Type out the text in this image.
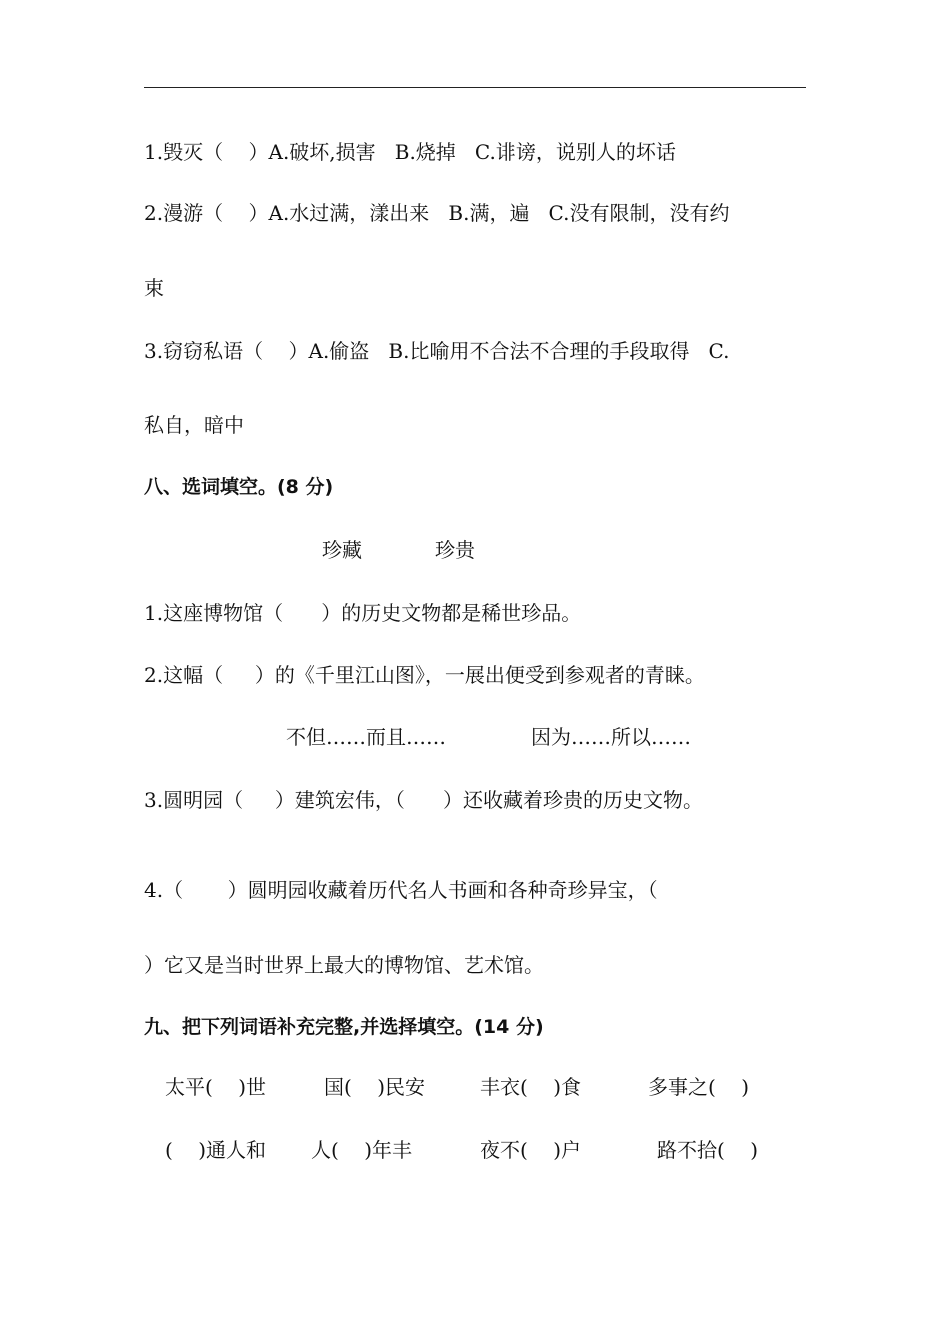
1.毁灭（    ）A.破坏,损害   B.烧掉   C.诽谤，说别人的坏话
2.漫游（    ）A.水过满，漾出来   B.满，遍   C.没有限制，没有约
束
3.窃窃私语（    ）A.偷盗   B.比喻用不合法不合理的手段取得   C.
私自，暗中
八、选词填空。(8 分)
珍藏	珍贵
1.这座博物馆（      ）的历史文物都是稀世珍品。
2.这幅（     ）的《千里江山图》，一展出便受到参观者的青睐。
不但……而且……	因为……所以……
3.圆明园（     ）建筑宏伟，（      ）还收藏着珍贵的历史文物。
4.（       ）圆明园收藏着历代名人书画和各种奇珍异宝，（
）它又是当时世界上最大的博物馆、艺术馆。
九、把下列词语补充完整,并选择填空。(14 分)
太平(    )世	国(    )民安	丰衣(    )食	多事之(    )
(    )通人和 人(    )年丰	夜不(    )户	路不拾(    )
